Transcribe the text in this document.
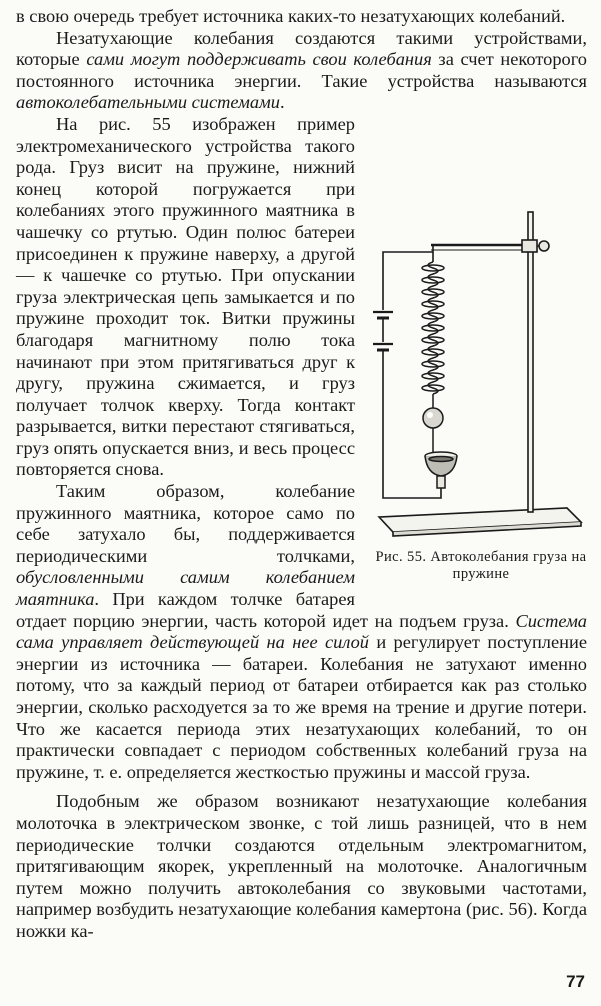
в свою очередь требует источника каких-то незатухающих колебаний.

Незатухающие колебания создаются такими устройствами, которые сами могут поддерживать свои колебания за счет некоторого постоянного источника энергии. Такие устройства называются автоколебательными системами.

Рис. 55. Автоколебания груза на пружине

На рис. 55 изображен пример электромеханического устройства такого рода. Груз висит на пружине, нижний конец которой погружается при колебаниях этого пружинного маятника в чашечку со ртутью. Один полюс батереи присоединен к пружине наверху, а другой — к чашечке со ртутью. При опускании груза электрическая цепь замыкается и по пружине проходит ток. Витки пружины благодаря магнитному полю тока начинают при этом притягиваться друг к другу, пружина сжимается, и груз получает толчок кверху. Тогда контакт разрывается, витки перестают стягиваться, груз опять опускается вниз, и весь процесс повторяется снова.

Таким образом, колебание пружинного маятника, которое само по себе затухало бы, поддерживается периодическими толчками, обусловленными самим колебанием маятника. При каждом толчке батарея отдает порцию энергии, часть которой идет на подъем груза. Система сама управляет действующей на нее силой и регулирует поступление энергии из источника — батареи. Колебания не затухают именно потому, что за каждый период от батареи отбирается как раз столько энергии, сколько расходуется за то же время на трение и другие потери. Что же касается периода этих незатухающих колебаний, то он практически совпадает с периодом собственных колебаний груза на пружине, т. е. определяется жесткостью пружины и массой груза.

Подобным же образом возникают незатухающие колебания молоточка в электрическом звонке, с той лишь разницей, что в нем периодические толчки создаются отдельным электромагнитом, притягивающим якорек, укрепленный на молоточке. Аналогичным путем можно получить автоколебания со звуковыми частотами, например возбудить незатухающие колебания камертона (рис. 56). Когда ножки ка-

77
